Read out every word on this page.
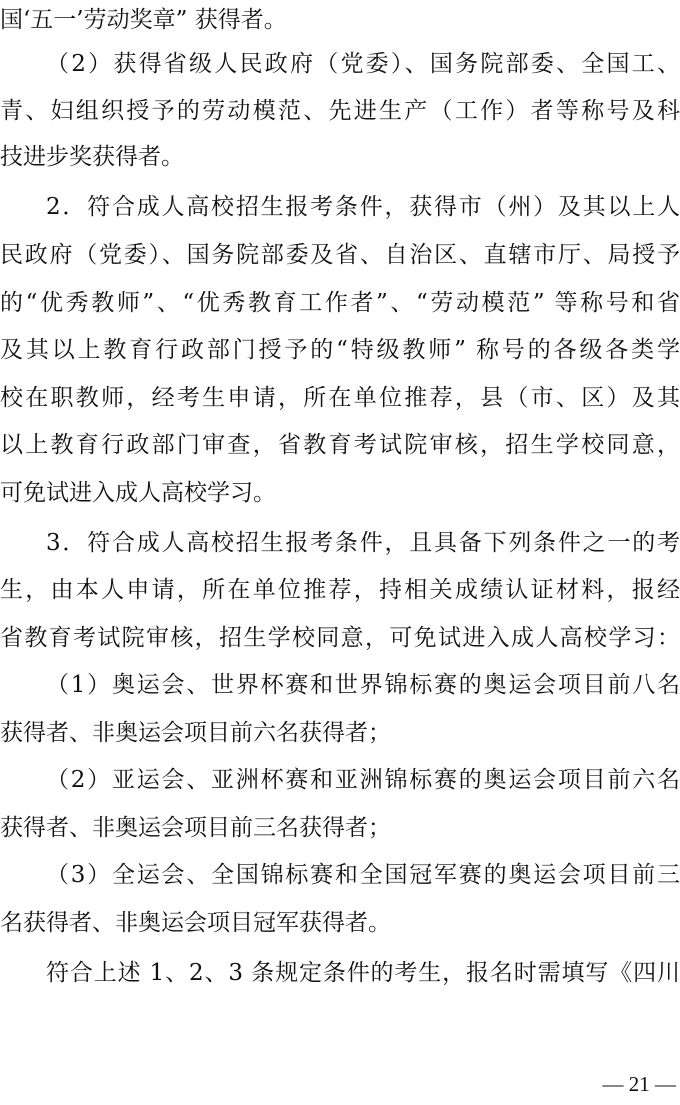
国‘五一’劳动奖章” 获得者。
（2）获得省级人民政府（党委）、国务院部委、全国工、
青、妇组织授予的劳动模范、先进生产（工作）者等称号及科
技进步奖获得者。
2．符合成人高校招生报考条件，获得市（州）及其以上人
民政府（党委）、国务院部委及省、自治区、直辖市厅、局授予
的“优秀教师”、“优秀教育工作者”、“劳动模范” 等称号和省
及其以上教育行政部门授予的“特级教师” 称号的各级各类学
校在职教师，经考生申请，所在单位推荐，县（市、区）及其
以上教育行政部门审查，省教育考试院审核，招生学校同意，
可免试进入成人高校学习。
3．符合成人高校招生报考条件，且具备下列条件之一的考
生，由本人申请，所在单位推荐，持相关成绩认证材料，报经
省教育考试院审核，招生学校同意，可免试进入成人高校学习：
（1）奥运会、世界杯赛和世界锦标赛的奥运会项目前八名
获得者、非奥运会项目前六名获得者；
（2）亚运会、亚洲杯赛和亚洲锦标赛的奥运会项目前六名
获得者、非奥运会项目前三名获得者；
（3）全运会、全国锦标赛和全国冠军赛的奥运会项目前三
名获得者、非奥运会项目冠军获得者。
符合上述 1、2、3 条规定条件的考生，报名时需填写《四川
— 21 —
